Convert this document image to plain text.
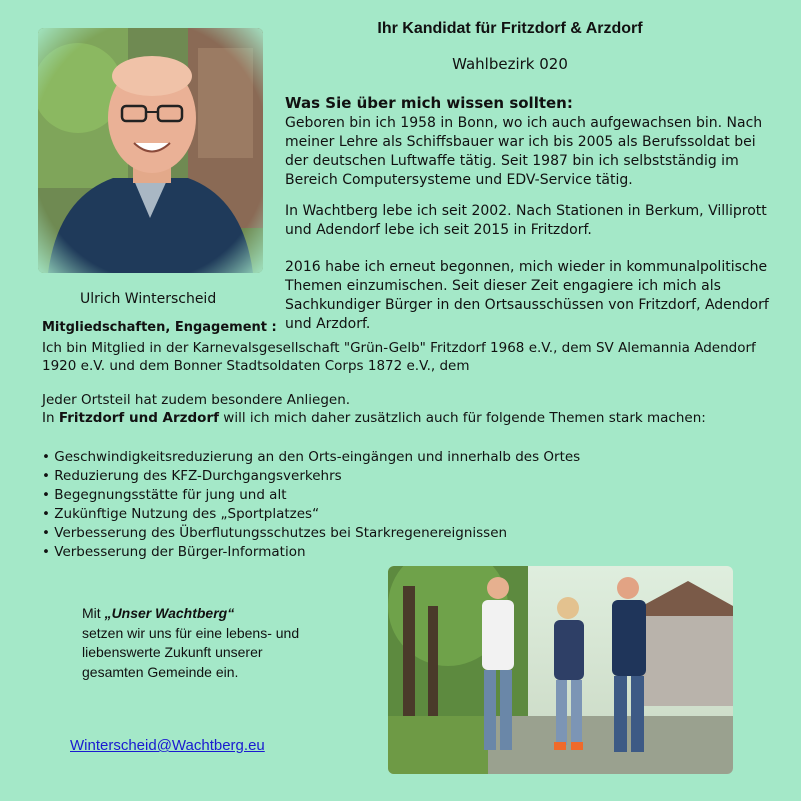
Ihr Kandidat für Fritzdorf & Arzdorf
Wahlbezirk 020
Was Sie über mich wissen sollten:
Geboren bin ich 1958 in Bonn, wo ich auch aufgewachsen bin. Nach meiner Lehre als Schiffsbauer war ich bis 2005 als Berufssoldat bei der deutschen Luftwaffe tätig. Seit 1987 bin ich selbstständig im Bereich Computersysteme und EDV-Service tätig.
In Wachtberg lebe ich seit 2002. Nach Stationen in Berkum, Villiprott und Adendorf lebe ich seit 2015 in Fritzdorf.
2016 habe ich erneut begonnen, mich wieder in kommunalpolitische Themen einzumischen. Seit dieser Zeit engagiere ich mich als Sachkundiger Bürger in den Ortsausschüssen von Fritzdorf, Adendorf und Arzdorf.
Ulrich Winterscheid
Mitgliedschaften, Engagement :
Ich bin Mitglied in der Karnevalsgesellschaft "Grün-Gelb" Fritzdorf 1968 e.V., dem SV Alemannia Adendorf 1920 e.V. und dem Bonner Stadtsoldaten Corps 1872 e.V., dem
Jeder Ortsteil hat zudem besondere Anliegen.
In Fritzdorf und Arzdorf will ich mich daher zusätzlich auch für folgende Themen stark machen:
• Geschwindigkeitsreduzierung an den Orts-eingängen und innerhalb des Ortes
• Reduzierung des KFZ-Durchgangsverkehrs
• Begegnungsstätte für jung und alt
• Zukünftige Nutzung des „Sportplatzes“
• Verbesserung des Überflutungsschutzes bei Starkregenereignissen
• Verbesserung der Bürger-Information
Mit „Unser Wachtberg“
setzen wir uns für eine lebens- und liebenswerte Zukunft unserer gesamten Gemeinde ein.
Winterscheid@Wachtberg.eu
